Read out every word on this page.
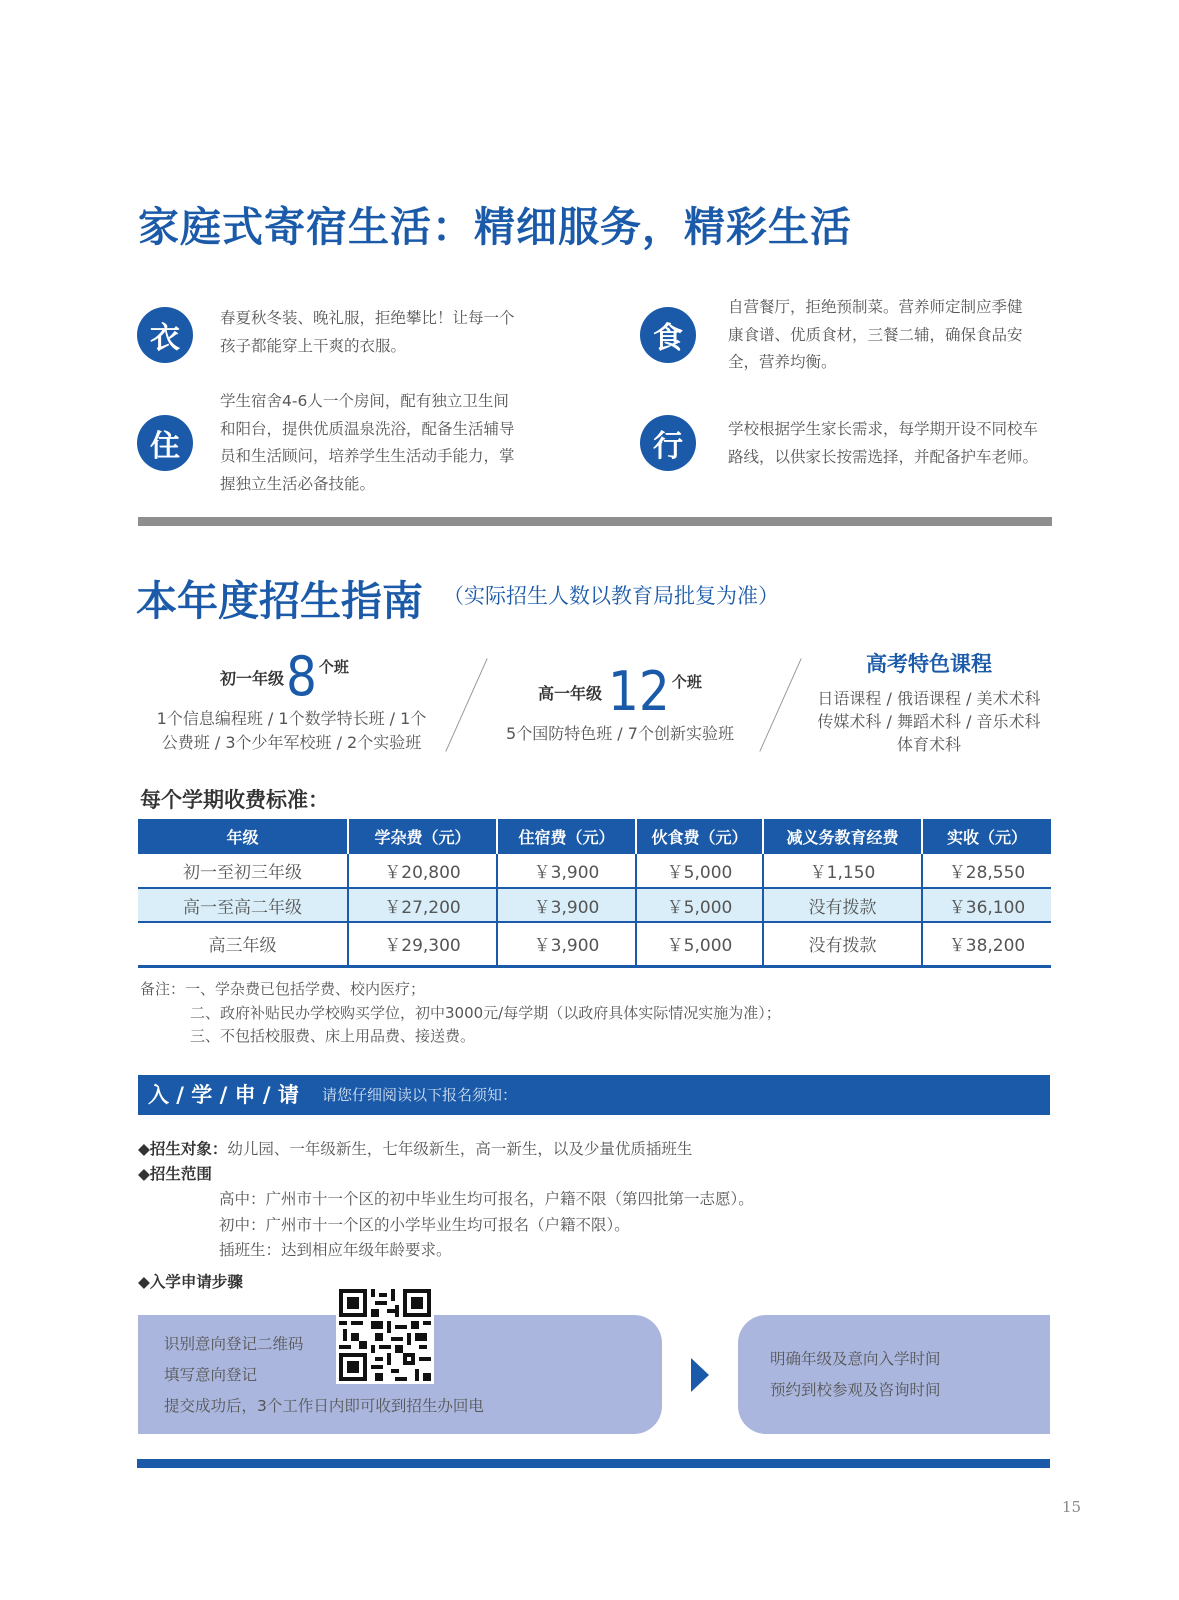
家庭式寄宿生活：精细服务，精彩生活
衣
春夏秋冬装、晚礼服，拒绝攀比！让每一个
孩子都能穿上干爽的衣服。	食
自营餐厅，拒绝预制菜。营养师定制应季健
康食谱、优质食材，三餐二辅，确保食品安
全，营养均衡。
住
学生宿舍4-6人一个房间，配有独立卫生间
和阳台，提供优质温泉洗浴，配备生活辅导
员和生活顾问，培养学生生活动手能力，掌
握独立生活必备技能。
行	学校根据学生家长需求，每学期开设不同校车
路线，以供家长按需选择，并配备护车老师。
本年度招生指南 （实际招生人数以教育局批复为准）
初一年级 8 个班
1个信息编程班 / 1个数学特长班 / 1个
公费班 / 3个少年军校班 / 2个实验班
高一年级 12 个班
5个国防特色班 / 7个创新实验班
高考特色课程
日语课程 / 俄语课程 / 美术术科
传媒术科 / 舞蹈术科 / 音乐术科
体育术科
每个学期收费标准：
年级	学杂费（元）	住宿费（元）	伙食费（元）	减义务教育经费	实收（元）
初一至初三年级	￥20,800	￥3,900	￥5,000	￥1,150	￥28,550
高一至高二年级	￥27,200	￥3,900	￥5,000	没有拨款	￥36,100
高三年级	￥29,300	￥3,900	￥5,000	没有拨款	￥38,200
备注：一、学杂费已包括学费、校内医疗；
二、政府补贴民办学校购买学位，初中3000元/每学期（以政府具体实际情况实施为准）；
三、不包括校服费、床上用品费、接送费。
入 / 学 / 申 / 请 请您仔细阅读以下报名须知：
◆招生对象：幼儿园、一年级新生，七年级新生，高一新生，以及少量优质插班生
◆招生范围
高中：广州市十一个区的初中毕业生均可报名，户籍不限（第四批第一志愿）。
初中：广州市十一个区的小学毕业生均可报名（户籍不限）。
插班生：达到相应年级年龄要求。
◆入学申请步骤
识别意向登记二维码
填写意向登记
提交成功后，3个工作日内即可收到招生办回电
明确年级及意向入学时间
预约到校参观及咨询时间
15
